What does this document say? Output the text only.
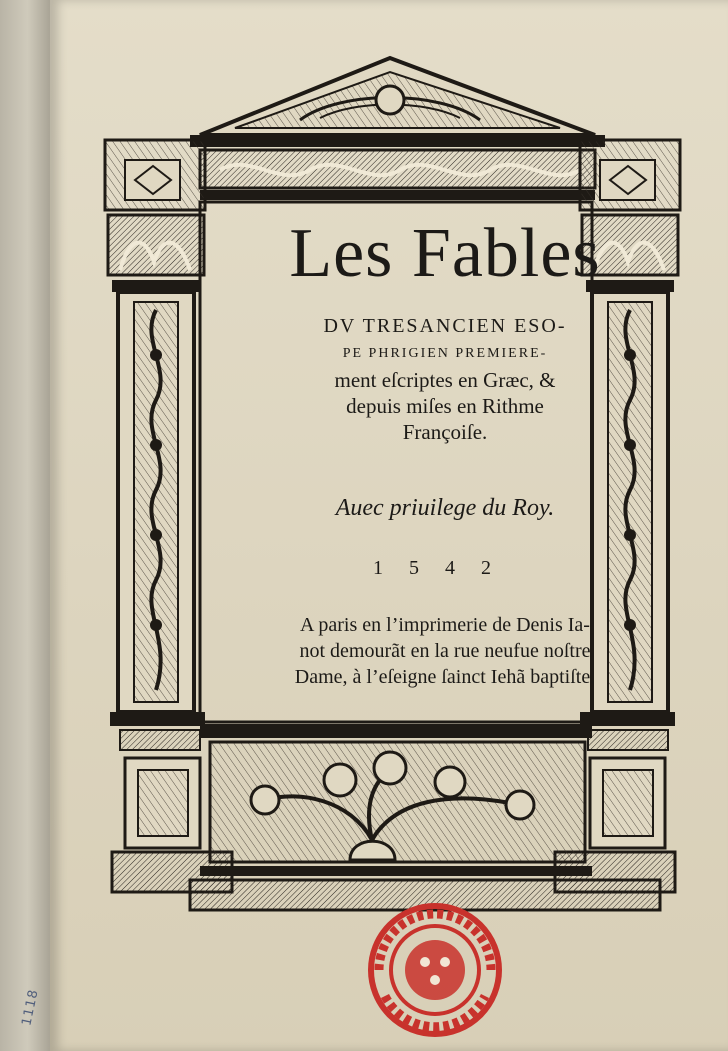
1118
Les Fables
DV TRESANCIEN ESO-
PE PHRIGIEN PREMIERE-
ment eſcriptes en Græc, &
depuis miſes en Rithme
Françoiſe.
Auec priuilege du Roy.
1542
A paris en l’imprimerie de Denis Ia-
not demourãt en la rue neufue noſtre
Dame, à l’eſeigne ſainct Iehã baptiſte.
